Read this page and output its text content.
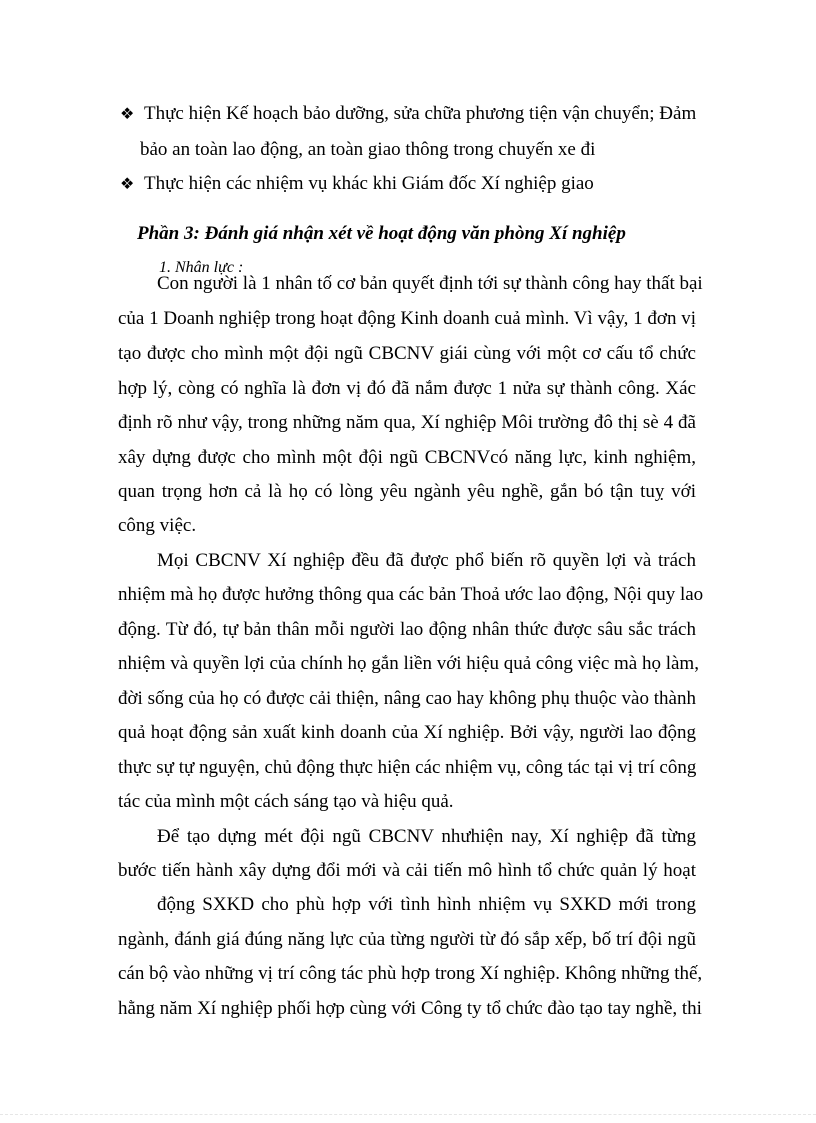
❖ Thực hiện Kế hoạch bảo dưỡng, sửa chữa phương tiện vận chuyển; Đảm

bảo an toàn lao động, an toàn giao thông trong chuyến xe đi

❖ Thực hiện các nhiệm vụ khác khi Giám đốc Xí nghiệp giao

Phần 3: Đánh giá nhận xét về hoạt động văn phòng Xí nghiệp

1. Nhân lực :

Con người là 1 nhân tố cơ bản quyết định tới sự thành công hay thất bại

của 1 Doanh nghiệp trong hoạt động Kinh doanh cuả mình. Vì vậy, 1 đơn vị

tạo được cho mình một đội ngũ CBCNV giái cùng với một cơ cấu tổ chức

hợp lý, còng có nghĩa là đơn vị đó đã nắm được 1 nửa sự thành công. Xác

định rõ như vậy, trong những năm qua, Xí nghiệp Môi trường đô thị sè 4 đã

xây dựng được cho mình một đội ngũ CBCNVcó năng lực, kinh nghiệm,

quan trọng hơn cả là họ có lòng yêu ngành yêu nghề, gắn bó tận tuỵ với

công việc.

Mọi CBCNV Xí nghiệp đều đã được phổ biến rõ quyền lợi và trách

nhiệm mà họ được hưởng thông qua các bản Thoả ước lao động, Nội quy lao

động. Từ đó, tự bản thân mỗi người lao động nhân thức được sâu sắc trách

nhiệm và quyền lợi của chính họ gắn liền với hiệu quả công việc mà họ làm,

đời sống của họ có được cải thiện, nâng cao hay không phụ thuộc vào thành

quả hoạt động sản xuất kinh doanh của Xí nghiệp. Bởi vậy, người lao động

thực sự tự nguyện, chủ động thực hiện các nhiệm vụ, công tác tại vị trí công

tác của mình một cách sáng tạo và hiệu quả.

Để tạo dựng mét đội ngũ CBCNV nhưhiện nay, Xí nghiệp đã từng

bước tiến hành xây dựng đổi mới và cải tiến mô hình tổ chức quản lý hoạt

động SXKD cho phù hợp với tình hình nhiệm vụ SXKD mới trong

ngành, đánh giá đúng năng lực của từng người từ đó sắp xếp, bố trí đội ngũ

cán bộ vào những vị trí công tác phù hợp trong Xí nghiệp. Không những thế,

hằng năm Xí nghiệp phối hợp cùng với Công ty tổ chức đào tạo tay nghề, thi
